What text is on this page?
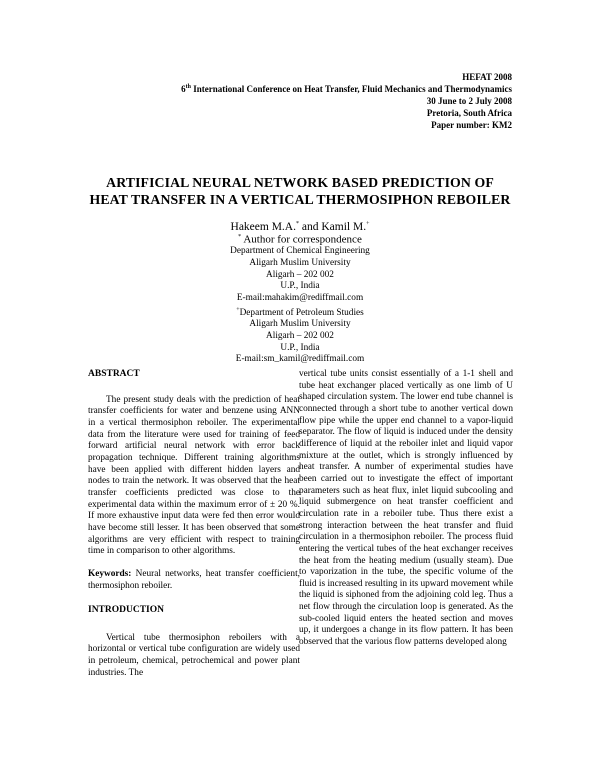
HEFAT 2008
6th International Conference on Heat Transfer, Fluid Mechanics and Thermodynamics
30 June to 2 July 2008
Pretoria, South Africa
Paper number: KM2
ARTIFICIAL NEURAL NETWORK BASED PREDICTION OF
HEAT TRANSFER IN A VERTICAL THERMOSIPHON REBOILER
Hakeem M.A.* and Kamil M.+
* Author for correspondence
Department of Chemical Engineering
Aligarh Muslim University
Aligarh – 202 002
U.P., India
E-mail:mahakim@rediffmail.com
+Department of Petroleum Studies
Aligarh Muslim University
Aligarh – 202 002
U.P., India
E-mail:sm_kamil@rediffmail.com

ABSTRACT

The present study deals with the prediction of heat transfer coefficients for water and benzene using ANN in a vertical thermosiphon reboiler. The experimental data from the literature were used for training of feed forward artificial neural network with error back propagation technique. Different training algorithms have been applied with different hidden layers and nodes to train the network. It was observed that the heat transfer coefficients predicted was close to the experimental data within the maximum error of ± 20 %. If more exhaustive input data were fed then error would have become still lesser. It has been observed that some algorithms are very efficient with respect to training time in comparison to other algorithms.

Keywords: Neural networks, heat transfer coefficient, thermosiphon reboiler.

INTRODUCTION

Vertical tube thermosiphon reboilers with a horizontal or vertical tube configuration are widely used in petroleum, chemical, petrochemical and power plant industries. The

vertical tube units consist essentially of a 1-1 shell and tube heat exchanger placed vertically as one limb of U shaped circulation system. The lower end tube channel is connected through a short tube to another vertical down flow pipe while the upper end channel to a vapor-liquid separator. The flow of liquid is induced under the density difference of liquid at the reboiler inlet and liquid vapor mixture at the outlet, which is strongly influenced by heat transfer. A number of experimental studies have been carried out to investigate the effect of important parameters such as heat flux, inlet liquid subcooling and liquid submergence on heat transfer coefficient and circulation rate in a reboiler tube. Thus there exist a strong interaction between the heat transfer and fluid circulation in a thermosiphon reboiler. The process fluid entering the vertical tubes of the heat exchanger receives the heat from the heating medium (usually steam). Due to vaporization in the tube, the specific volume of the fluid is increased resulting in its upward movement while the liquid is siphoned from the adjoining cold leg. Thus a net flow through the circulation loop is generated. As the sub-cooled liquid enters the heated section and moves up, it undergoes a change in its flow pattern. It has been observed that the various flow patterns developed along
